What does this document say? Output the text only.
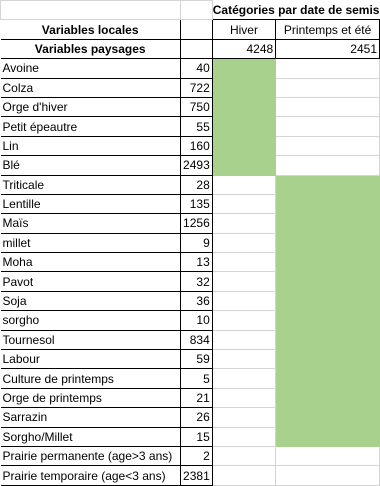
		Catégories par date de semis	
Variables locales		Hiver	Printemps et été
Variables paysages		4248	2451
Avoine	40		
Colza	722		
Orge d'hiver	750		
Petit épeautre	55		
Lin	160		
Blé	2493		
Triticale	28		
Lentille	135		
Maïs	1256		
millet	9		
Moha	13		
Pavot	32		
Soja	36		
sorgho	10		
Tournesol	834		
Labour	59		
Culture de printemps	5		
Orge de printemps	21		
Sarrazin	26		
Sorgho/Millet	15		
Prairie permanente (age>3 ans)	2		
Prairie temporaire (age<3 ans)	2381		
